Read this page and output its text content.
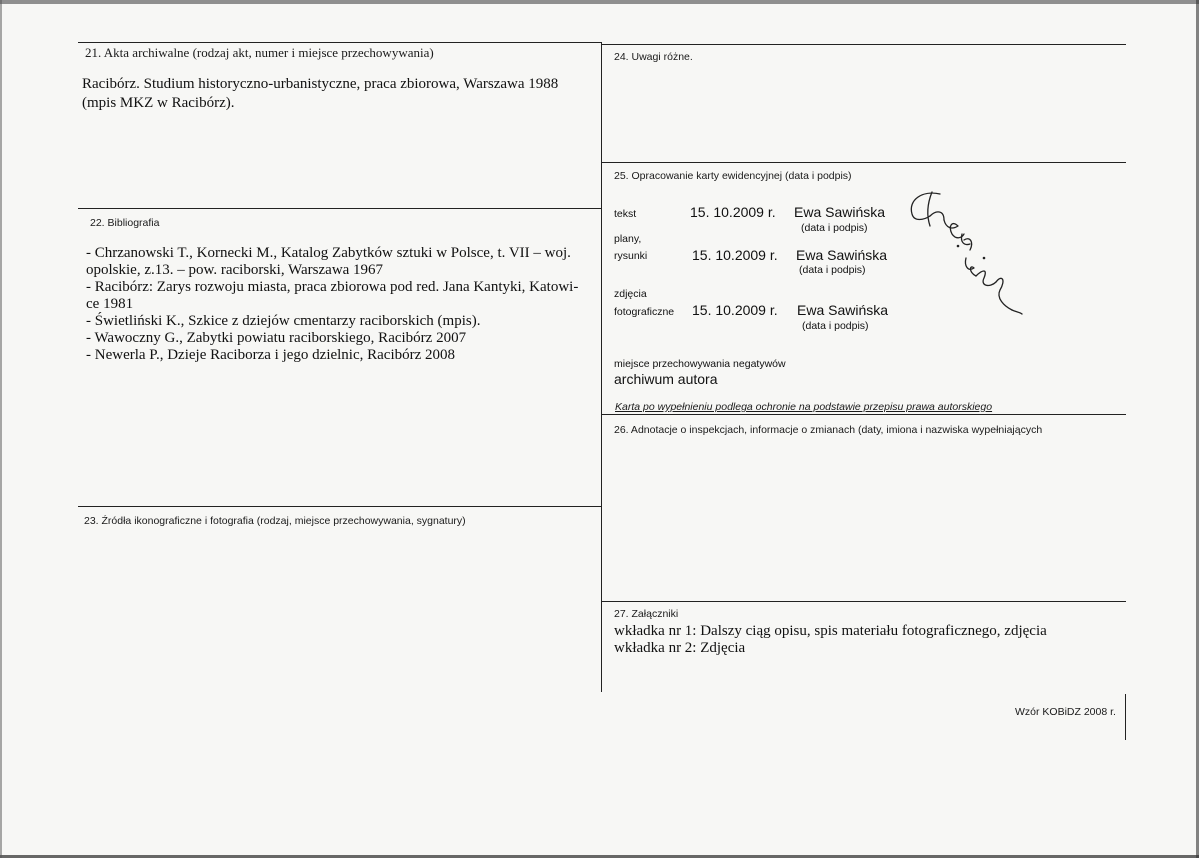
21. Akta archiwalne (rodzaj akt, numer i miejsce przechowywania)
Racibórz. Studium historyczno-urbanistyczne, praca zbiorowa, Warszawa 1988
(mpis MKZ w Racibórz).
22. Bibliografia
- Chrzanowski T., Kornecki M., Katalog Zabytków sztuki w Polsce, t. VII – woj.
opolskie, z.13. – pow. raciborski, Warszawa 1967
- Racibórz: Zarys rozwoju miasta, praca zbiorowa pod red. Jana Kantyki, Katowi-
ce 1981
- Świetliński K., Szkice z dziejów cmentarzy raciborskich (mpis).
- Wawoczny G., Zabytki powiatu raciborskiego, Racibórz 2007
- Newerla P., Dzieje Raciborza i jego dzielnic, Racibórz 2008
23. Źródła ikonograficzne i fotografia (rodzaj, miejsce przechowywania, sygnatury)
24. Uwagi różne.
25. Opracowanie karty ewidencyjnej (data i podpis)
tekst	15. 10.2009 r. Ewa Sawińska
(data i podpis)
plany,
rysunki	15. 10.2009 r. Ewa Sawińska
(data i podpis)
zdjęcia
fotograficzne 15. 10.2009 r. Ewa Sawińska
(data i podpis)
miejsce przechowywania negatywów
archiwum autora
Karta po wypełnieniu podlega ochronie na podstawie przepisu prawa autorskiego
26. Adnotacje o inspekcjach, informacje o zmianach (daty, imiona i nazwiska wypełniających
27. Załączniki
wkładka nr 1: Dalszy ciąg opisu, spis materiału fotograficznego, zdjęcia
wkładka nr 2: Zdjęcia
Wzór KOBiDZ 2008 r.
